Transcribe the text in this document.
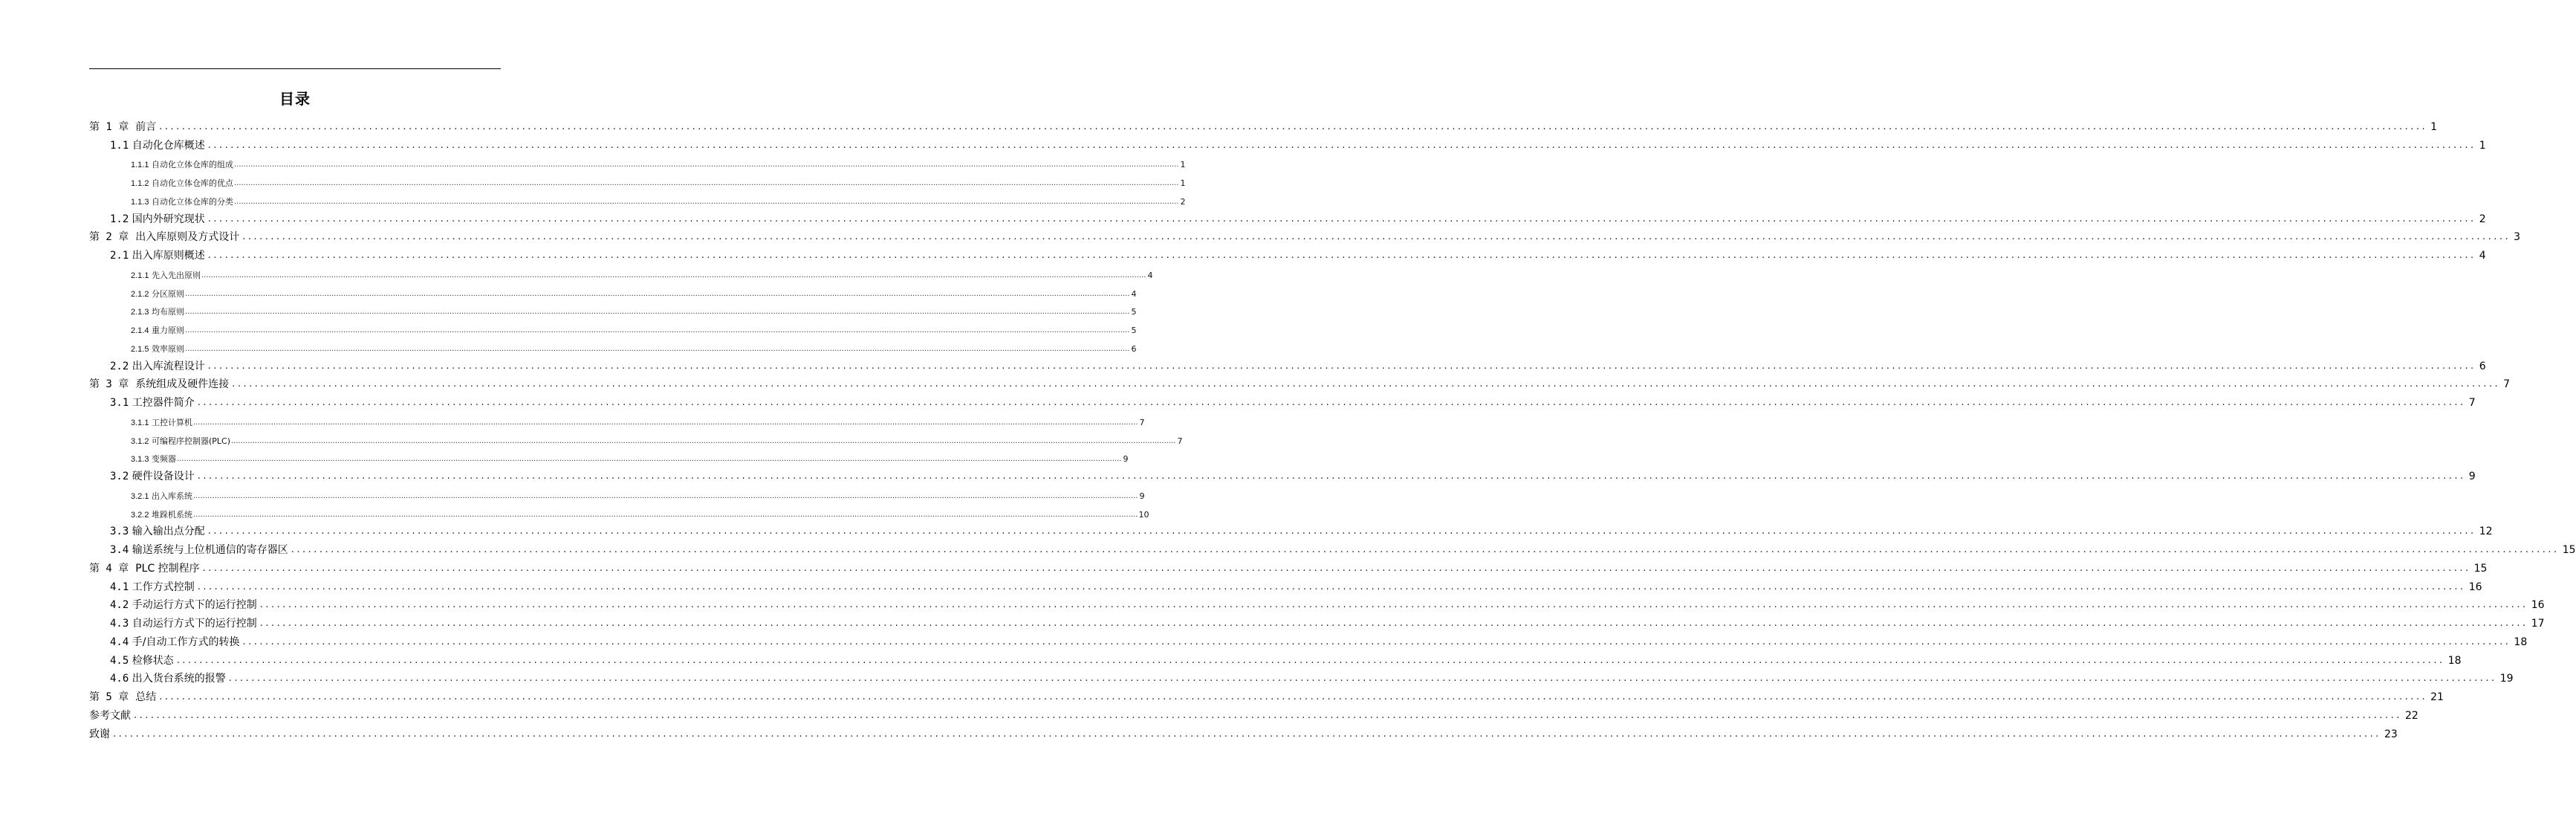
目录
第 1 章 前言 ................................................................................................................................................................................................................................................................................................................................................................................................................ 1
1.1 自动化仓库概述 ................................................................................................................................................................................................................................................................................................................................................................................................................ 1
1.1.1 自动化立体仓库的组成 ................................................................................................................................................................................................................................................................................................................................................................................................................ 1
1.1.2 自动化立体仓库的优点 ................................................................................................................................................................................................................................................................................................................................................................................................................ 1
1.1.3 自动化立体仓库的分类 ................................................................................................................................................................................................................................................................................................................................................................................................................ 2
1.2 国内外研究现状 ................................................................................................................................................................................................................................................................................................................................................................................................................ 2
第 2 章 出入库原则及方式设计 ................................................................................................................................................................................................................................................................................................................................................................................................................ 3
2.1 出入库原则概述 ................................................................................................................................................................................................................................................................................................................................................................................................................ 4
2.1.1 先入先出原则 ................................................................................................................................................................................................................................................................................................................................................................................................................ 4
2.1.2 分区原则 ................................................................................................................................................................................................................................................................................................................................................................................................................ 4
2.1.3 均布原则 ................................................................................................................................................................................................................................................................................................................................................................................................................ 5
2.1.4 重力原则 ................................................................................................................................................................................................................................................................................................................................................................................................................ 5
2.1.5 效率原则 ................................................................................................................................................................................................................................................................................................................................................................................................................ 6
2.2 出入库流程设计 ................................................................................................................................................................................................................................................................................................................................................................................................................ 6
第 3 章 系统组成及硬件连接 ................................................................................................................................................................................................................................................................................................................................................................................................................ 7
3.1 工控器件简介 ................................................................................................................................................................................................................................................................................................................................................................................................................ 7
3.1.1 工控计算机 ................................................................................................................................................................................................................................................................................................................................................................................................................ 7
3.1.2 可编程序控制器(PLC) ................................................................................................................................................................................................................................................................................................................................................................................................................ 7
3.1.3 变频器 ................................................................................................................................................................................................................................................................................................................................................................................................................ 9
3.2 硬件设备设计 ................................................................................................................................................................................................................................................................................................................................................................................................................ 9
3.2.1 出入库系统 ................................................................................................................................................................................................................................................................................................................................................................................................................ 9
3.2.2 堆跺机系统 ................................................................................................................................................................................................................................................................................................................................................................................................................ 10
3.3 输入输出点分配 ................................................................................................................................................................................................................................................................................................................................................................................................................ 12
3.4 输送系统与上位机通信的寄存器区 ................................................................................................................................................................................................................................................................................................................................................................................................................ 15
第 4 章 PLC 控制程序 ................................................................................................................................................................................................................................................................................................................................................................................................................ 15
4.1 工作方式控制 ................................................................................................................................................................................................................................................................................................................................................................................................................ 16
4.2 手动运行方式下的运行控制 ................................................................................................................................................................................................................................................................................................................................................................................................................ 16
4.3 自动运行方式下的运行控制 ................................................................................................................................................................................................................................................................................................................................................................................................................ 17
4.4 手/自动工作方式的转换 ................................................................................................................................................................................................................................................................................................................................................................................................................ 18
4.5 检修状态 ................................................................................................................................................................................................................................................................................................................................................................................................................ 18
4.6 出入货台系统的报警 ................................................................................................................................................................................................................................................................................................................................................................................................................ 19
第 5 章 总结 ................................................................................................................................................................................................................................................................................................................................................................................................................ 21
参考文献 ................................................................................................................................................................................................................................................................................................................................................................................................................ 22
致谢 ................................................................................................................................................................................................................................................................................................................................................................................................................ 23
